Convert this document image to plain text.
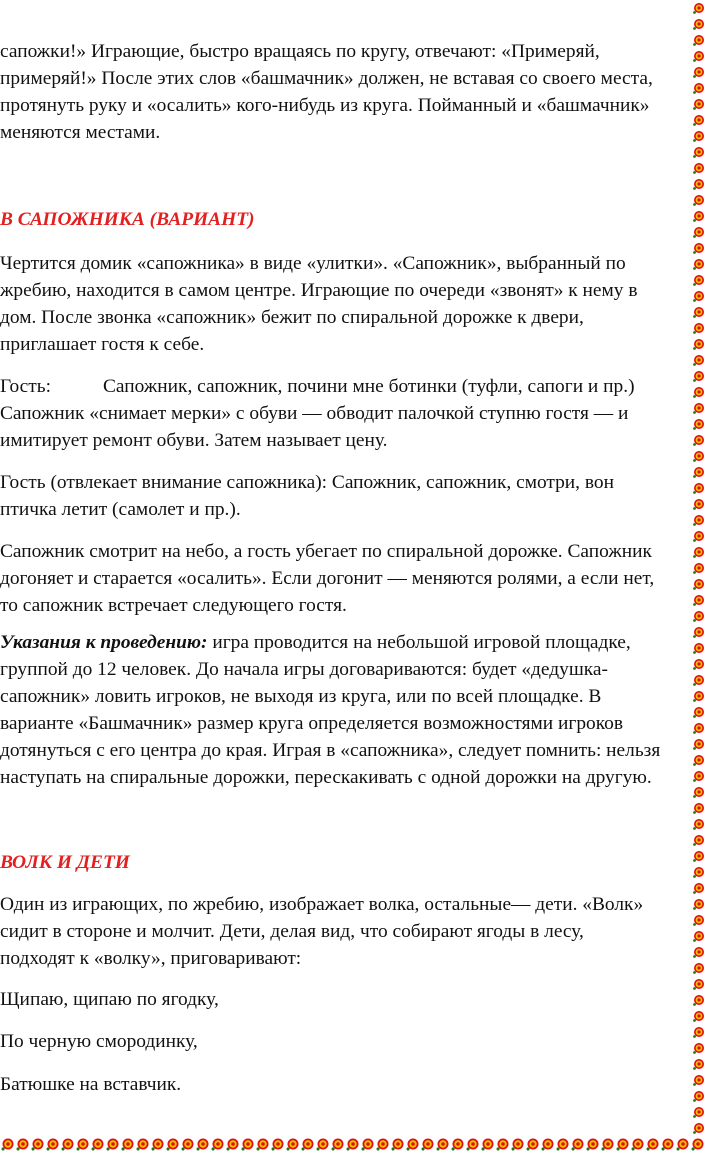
сапожки!» Играющие, быстро вращаясь по кругу, отвечают: «Примеряй,

примеряй!» После этих слов «башмачник» должен, не вставая со своего места,

протянуть руку и «осалить» кого-нибудь из круга. Пойманный и «башмачник»

меняются местами.

В САПОЖНИКА (ВАРИАНТ)

Чертится домик «сапожника» в виде «улитки». «Сапожник», выбранный по

жребию, находится в самом центре. Играющие по очереди «звонят» к нему в

дом. После звонка «сапожник» бежит по спиральной дорожке к двери,

приглашает гостя к себе.

Гость:	Сапожник, сапожник, почини мне ботинки (туфли, сапоги и пр.)

Сапожник «снимает мерки» с обуви — обводит палочкой ступню гостя — и

имитирует ремонт обуви. Затем называет цену.

Гость (отвлекает внимание сапожника): Сапожник, сапожник, смотри, вон

птичка летит (самолет и пр.).

Сапожник смотрит на небо, а гость убегает по спиральной дорожке. Сапожник

догоняет и старается «осалить». Если догонит — меняются ролями, а если нет,

то сапожник встречает следующего гостя.

Указания к проведению: игра проводится на небольшой игровой площадке,

группой до 12 человек. До начала игры договариваются: будет «дедушка-

сапожник» ловить игроков, не выходя из круга, или по всей площадке. В

варианте «Башмачник» размер круга определяется возможностями игроков

дотянуться с его центра до края. Играя в «сапожника», следует помнить: нельзя

наступать на спиральные дорожки, перескакивать с одной дорожки на другую.

ВОЛК И ДЕТИ

Один из играющих, по жребию, изображает волка, остальные— дети. «Волк»

сидит в стороне и молчит. Дети, делая вид, что собирают ягоды в лесу,

подходят к «волку», приговаривают:

Щипаю, щипаю по ягодку,
По черную смородинку,
Батюшке на вставчик.
